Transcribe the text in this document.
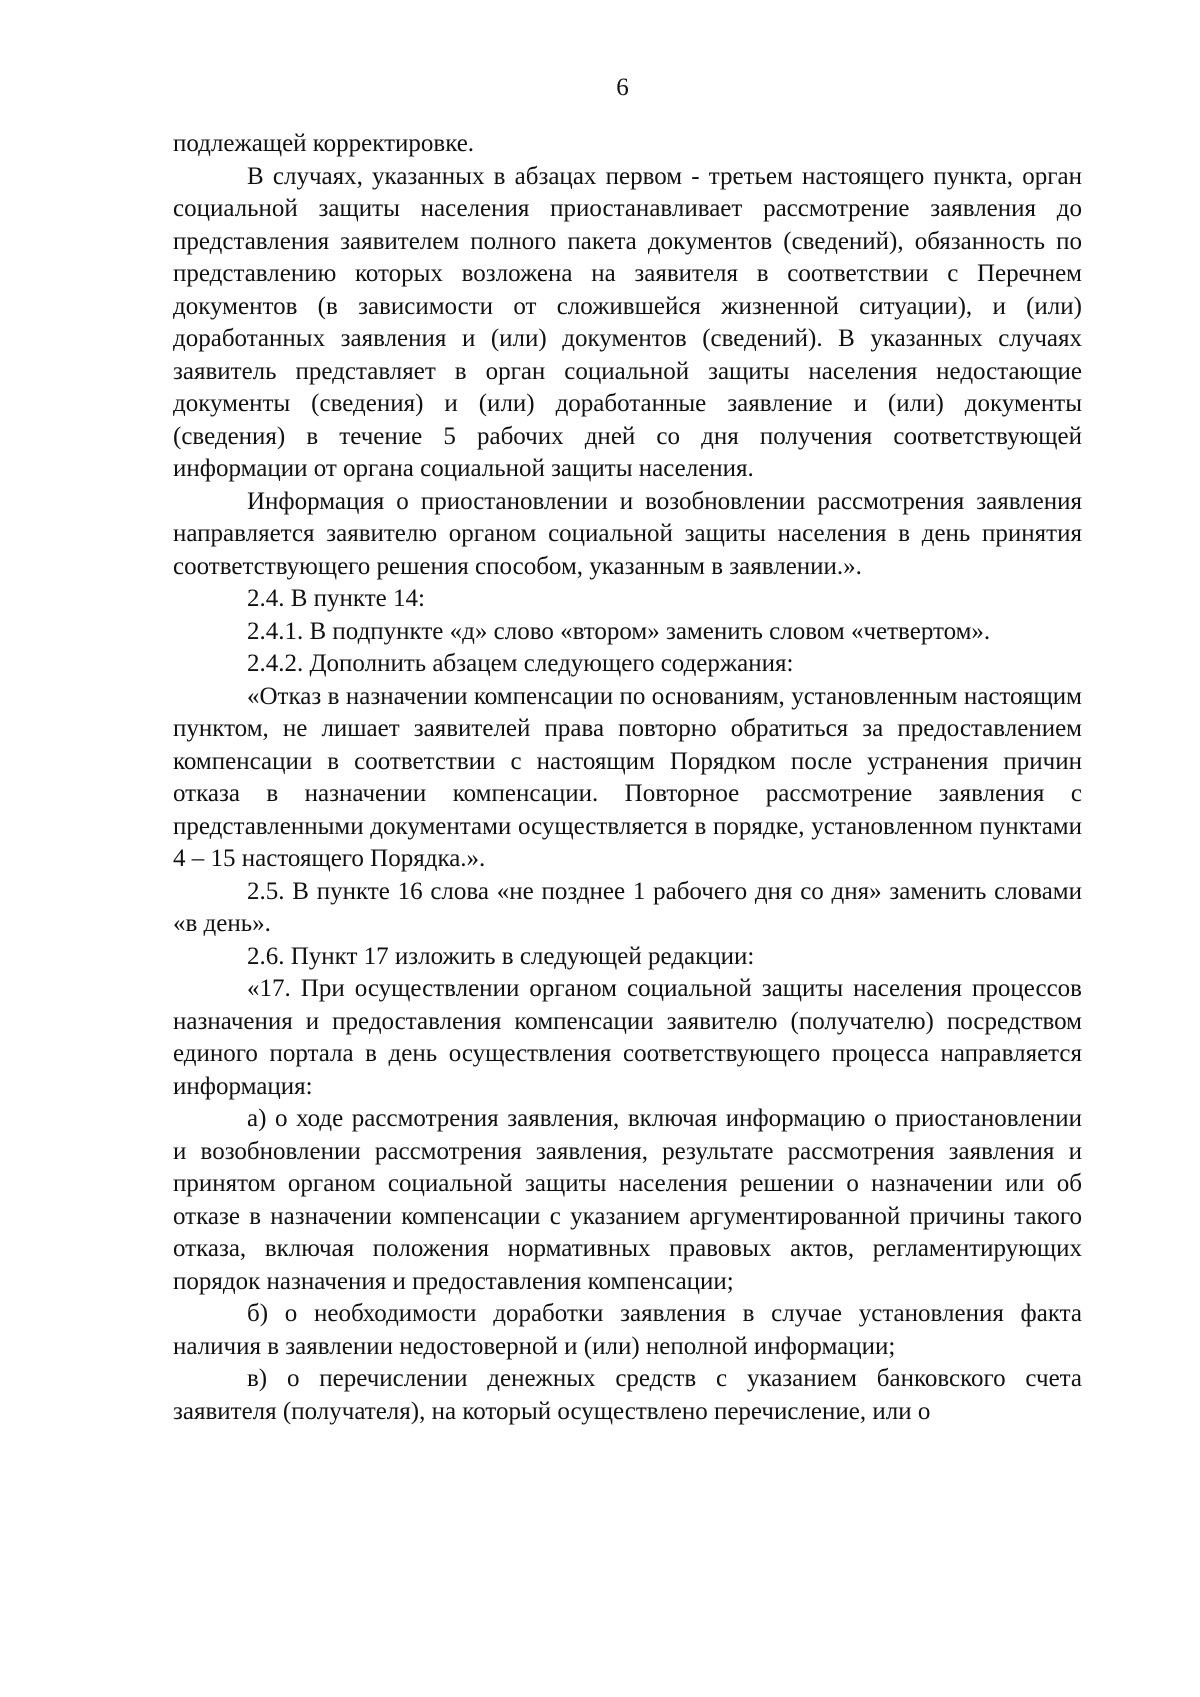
6

подлежащей корректировке.

В случаях, указанных в абзацах первом - третьем настоящего пункта, орган социальной защиты населения приостанавливает рассмотрение заявления до представления заявителем полного пакета документов (сведений), обязанность по представлению которых возложена на заявителя в соответствии с Перечнем документов (в зависимости от сложившейся жизненной ситуации), и (или) доработанных заявления и (или) документов (сведений). В указанных случаях заявитель представляет в орган социальной защиты населения недостающие документы (сведения) и (или) доработанные заявление и (или) документы (сведения) в течение 5 рабочих дней со дня получения соответствующей информации от органа социальной защиты населения.

Информация о приостановлении и возобновлении рассмотрения заявления направляется заявителю органом социальной защиты населения в день принятия соответствующего решения способом, указанным в заявлении.».

2.4. В пункте 14:

2.4.1. В подпункте «д» слово «втором» заменить словом «четвертом».

2.4.2. Дополнить абзацем следующего содержания:

«Отказ в назначении компенсации по основаниям, установленным настоящим пунктом, не лишает заявителей права повторно обратиться за предоставлением компенсации в соответствии с настоящим Порядком после устранения причин отказа в назначении компенсации. Повторное рассмотрение заявления с представленными документами осуществляется в порядке, установленном пунктами 4 – 15 настоящего Порядка.».

2.5. В пункте 16 слова «не позднее 1 рабочего дня со дня» заменить словами «в день».

2.6. Пункт 17 изложить в следующей редакции:

«17. При осуществлении органом социальной защиты населения процессов назначения и предоставления компенсации заявителю (получателю) посредством единого портала в день осуществления соответствующего процесса направляется информация:

а) о ходе рассмотрения заявления, включая информацию о приостановлении и возобновлении рассмотрения заявления, результате рассмотрения заявления и принятом органом социальной защиты населения решении о назначении или об отказе в назначении компенсации с указанием аргументированной причины такого отказа, включая положения нормативных правовых актов, регламентирующих порядок назначения и предоставления компенсации;

б) о необходимости доработки заявления в случае установления факта наличия в заявлении недостоверной и (или) неполной информации;

в) о перечислении денежных средств с указанием банковского счета заявителя (получателя), на который осуществлено перечисление, или о
